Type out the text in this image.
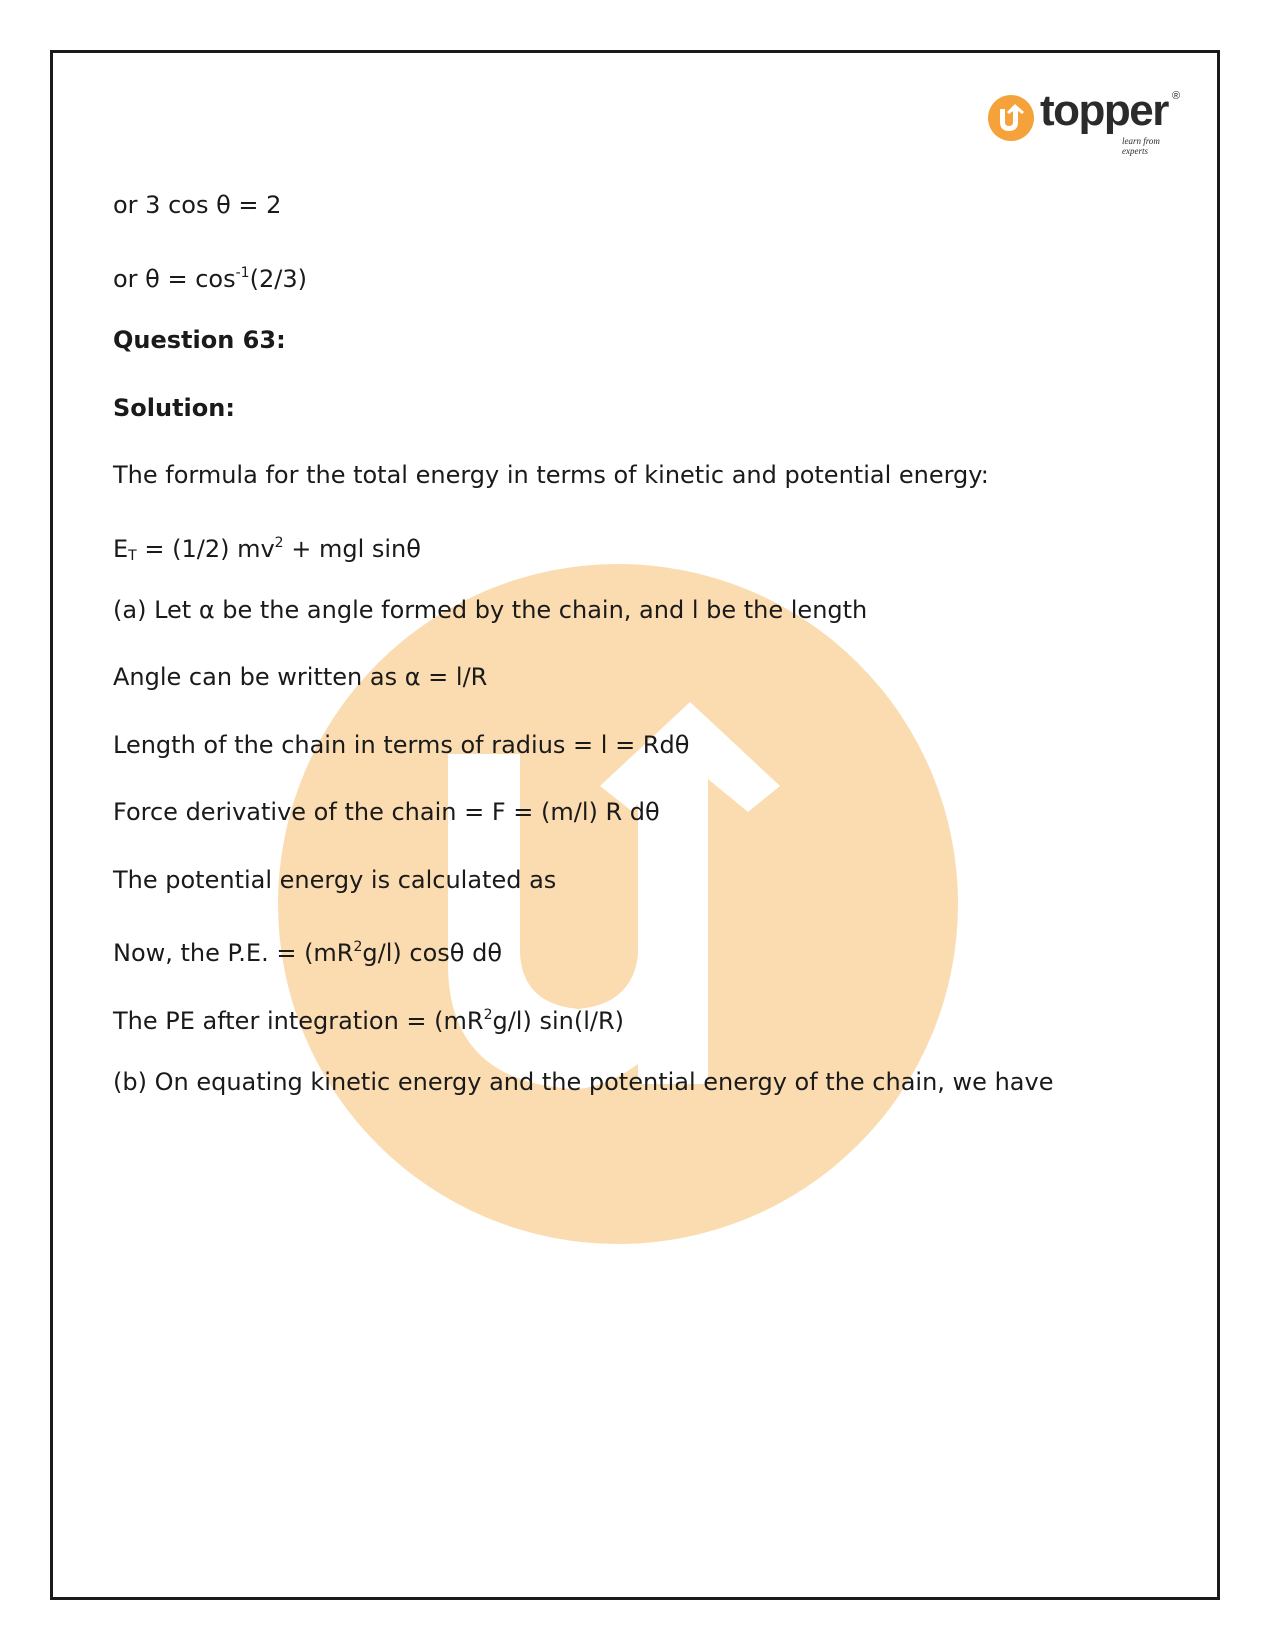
topper ®
learn from experts
or 3 cos θ = 2
or $\theta = \cos^{-1}(2/3)$
Question 63:
Solution:
The formula for the total energy in terms of kinetic and potential energy:
ET = (1/2) $mv^2$ + mgl sinθ
(a) Let α be the angle formed by the chain, and l be the length
Angle can be written as α = l/R
Length of the chain in terms of radius = l = Rdθ
Force derivative of the chain = F = (m/l) R dθ
The potential energy is calculated as
Now, the P.E. = $(mR^2g/l)$ cosθ dθ
The PE after integration = $(mR^2g/l)$ sin(l/R)
(b) On equating kinetic energy and the potential energy of the chain, we have
